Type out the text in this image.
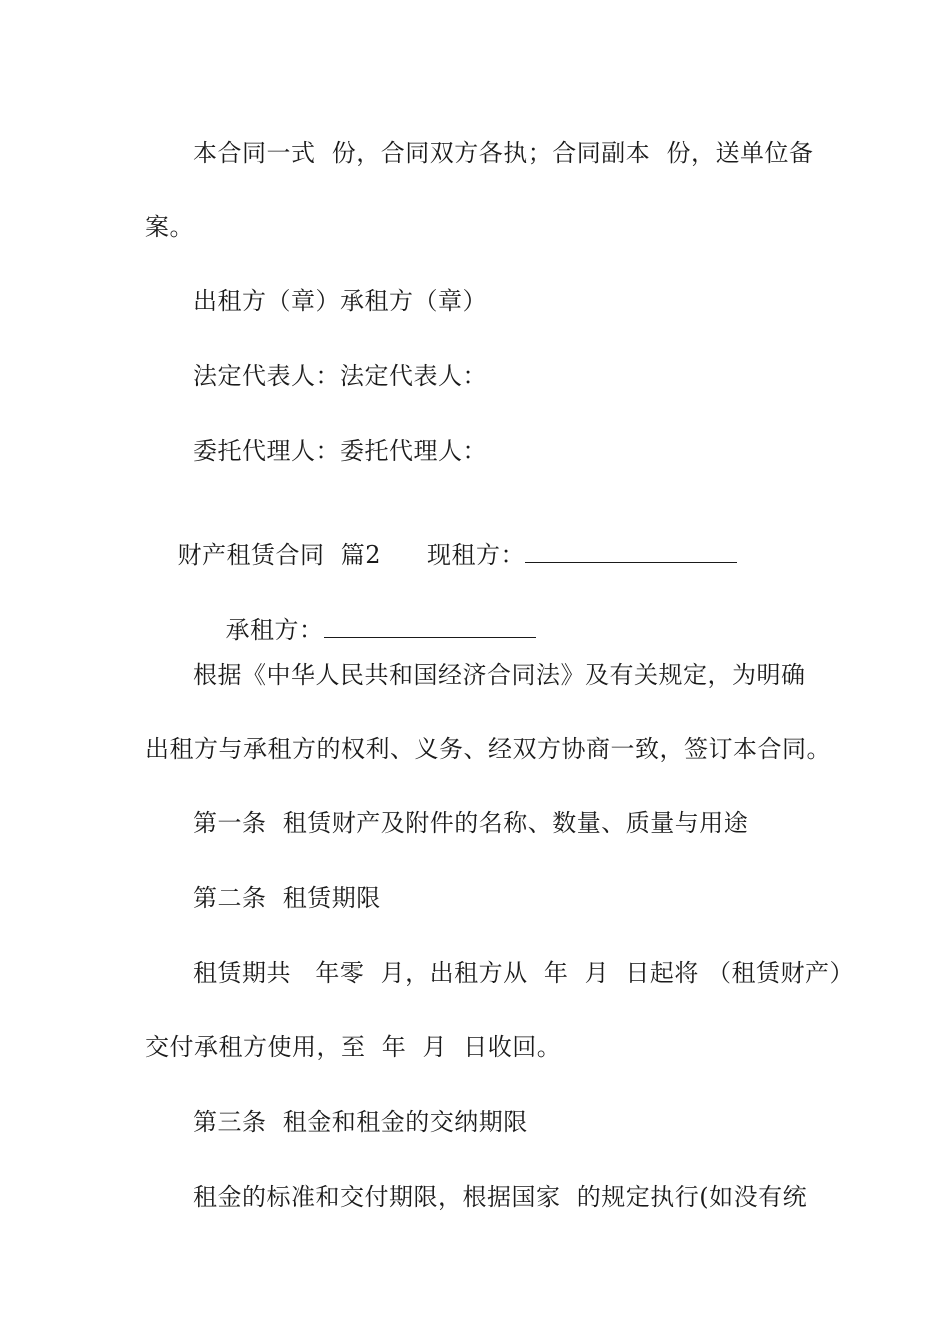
本合同一式  份，合同双方各执；合同副本  份，送单位备
案。
出租方（章）承租方（章）
法定代表人：法定代表人：
委托代理人：委托代理人：

财产租赁合同  篇2 现租方：

承租方：

根据《中华人民共和国经济合同法》及有关规定，为明确
出租方与承租方的权利、义务、经双方协商一致，签订本合同。
第一条  租赁财产及附件的名称、数量、质量与用途
第二条  租赁期限
租赁期共   年零  月，出租方从  年  月  日起将 （租赁财产）
交付承租方使用，至  年  月  日收回。
第三条  租金和租金的交纳期限
租金的标准和交付期限，根据国家  的规定执行(如没有统
